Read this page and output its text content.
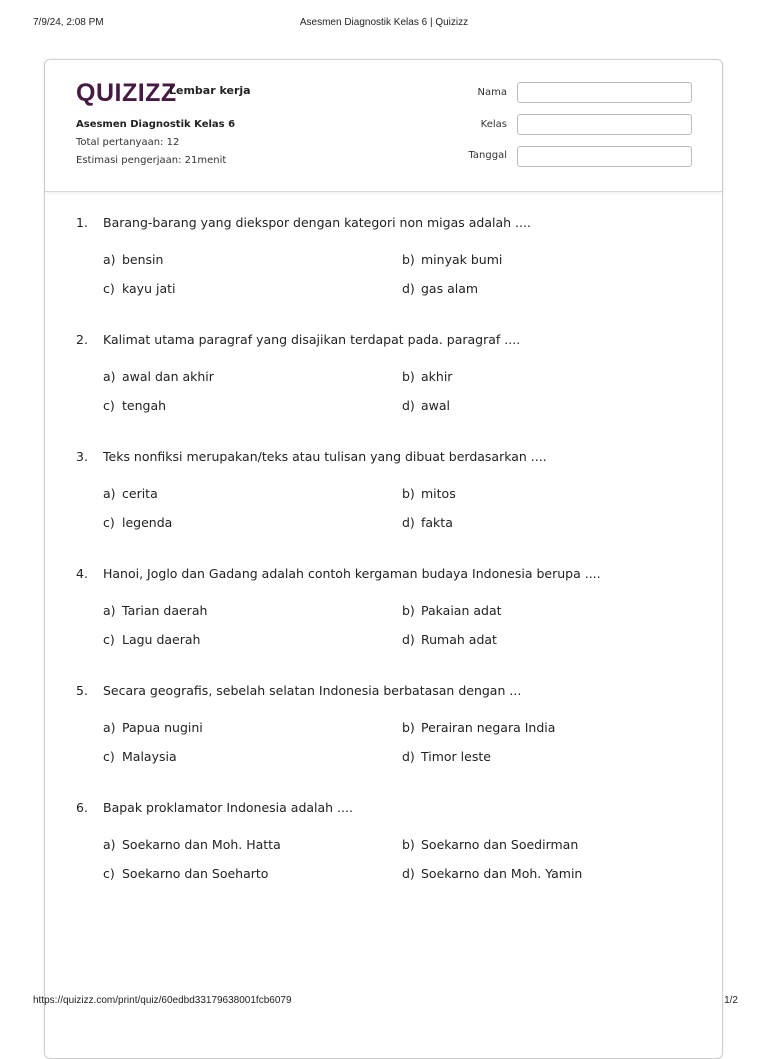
Asesmen Diagnostik Kelas 6 | Quizizz
7/9/24, 2:08 PM
QUIZIZZ
Lembar kerja
Asesmen Diagnostik Kelas 6
Total pertanyaan: 12
Estimasi pengerjaan: 21menit
Nama
Kelas
Tanggal
1. Barang-barang yang diekspor dengan kategori non migas adalah ....
a) bensin	b) minyak bumi
c) kayu jati	d) gas alam
2. Kalimat utama paragraf yang disajikan terdapat pada. paragraf ....
a) awal dan akhir	b) akhir
c) tengah	d) awal
3. Teks nonfiksi merupakan/teks atau tulisan yang dibuat berdasarkan ....
a) cerita	b) mitos
c) legenda	d) fakta
4. Hanoi, Joglo dan Gadang adalah contoh kergaman budaya Indonesia berupa ....
a) Tarian daerah	b) Pakaian adat
c) Lagu daerah	d) Rumah adat
5. Secara geografis, sebelah selatan Indonesia berbatasan dengan ...
a) Papua nugini	b) Perairan negara India
c) Malaysia	d) Timor leste
6. Bapak proklamator Indonesia adalah ....
a) Soekarno dan Moh. Hatta	b) Soekarno dan Soedirman
c) Soekarno dan Soeharto	d) Soekarno dan Moh. Yamin
https://quizizz.com/print/quiz/60edbd33179638001fcb6079	1/2
